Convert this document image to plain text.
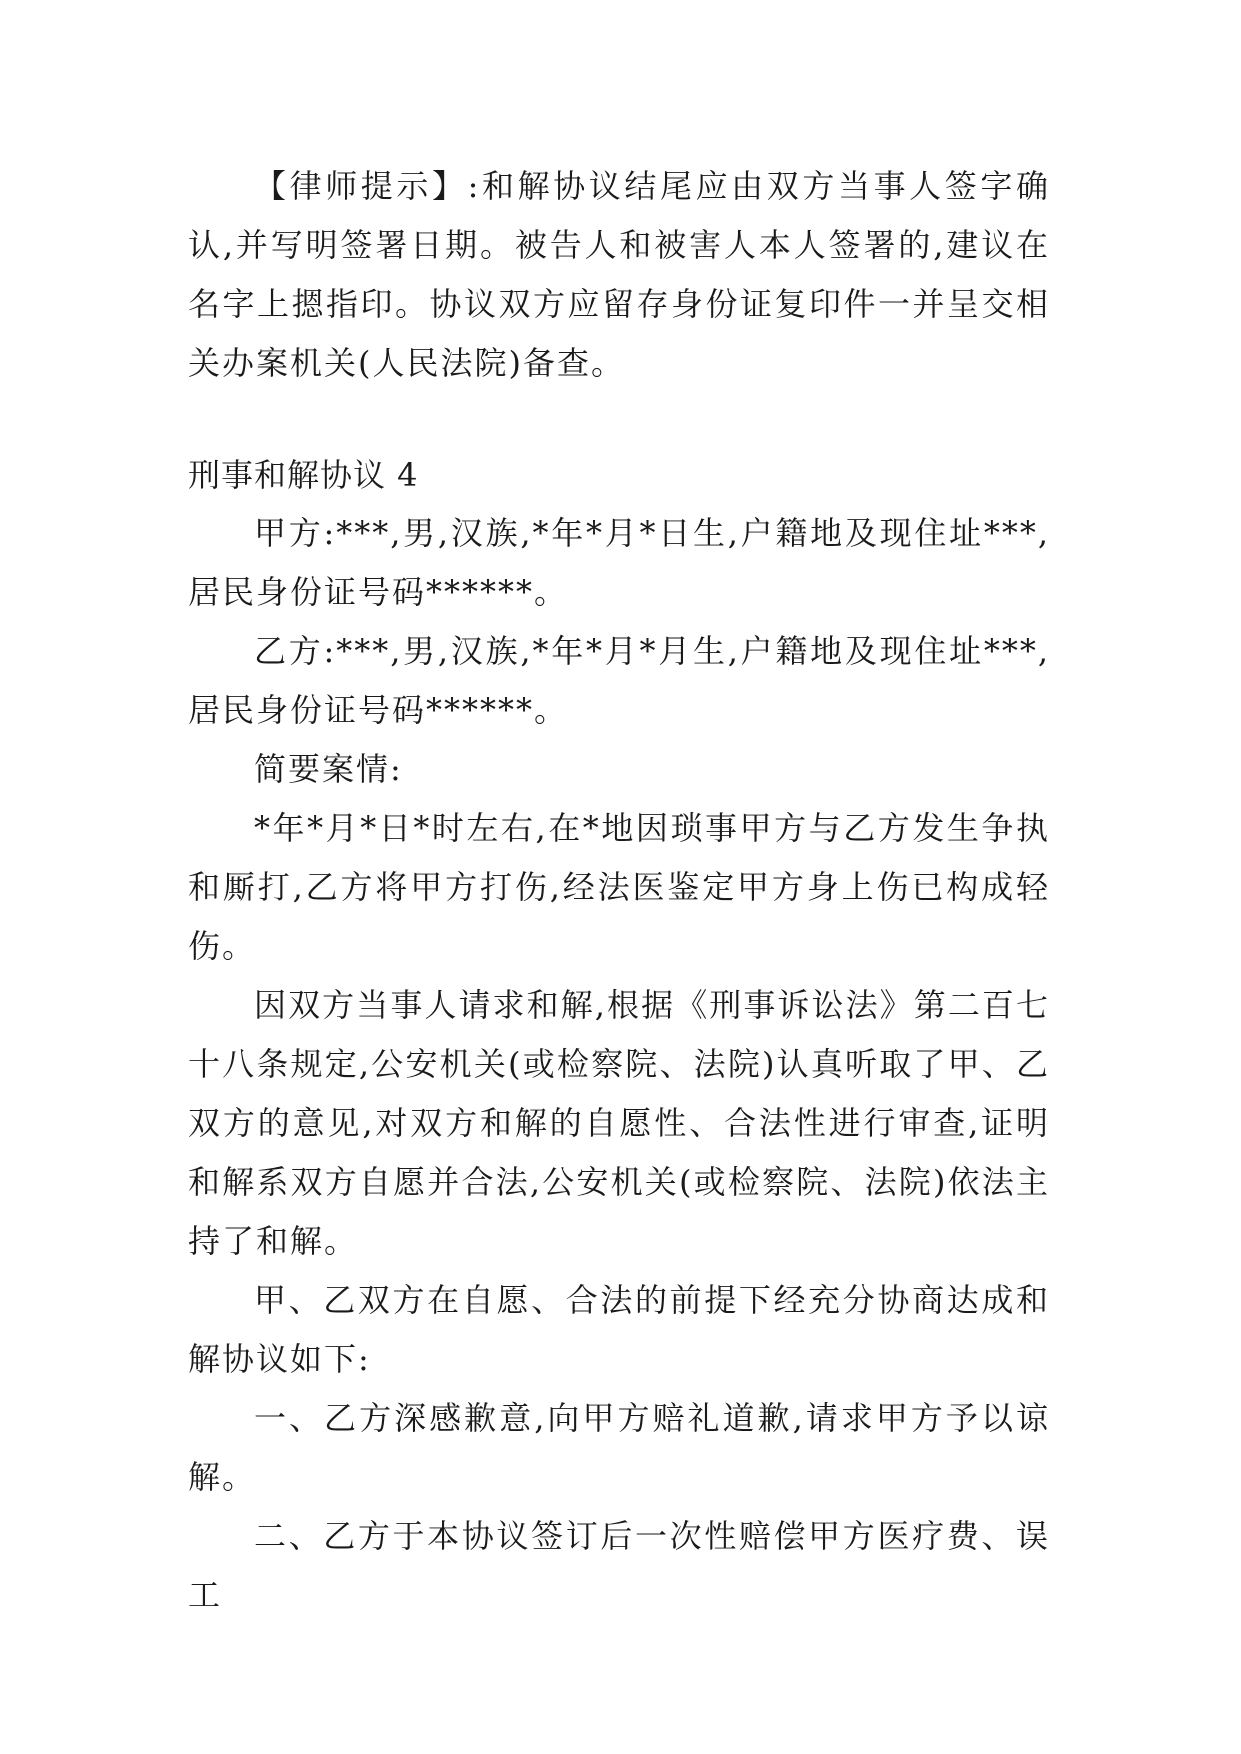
【律师提示】:和解协议结尾应由双方当事人签字确认,并写明签署日期。被告人和被害人本人签署的,建议在名字上摁指印。协议双方应留存身份证复印件一并呈交相关办案机关(人民法院)备查。

刑事和解协议 4

甲方:***,男,汉族,*年*月*日生,户籍地及现住址***,居民身份证号码******。

乙方:***,男,汉族,*年*月*月生,户籍地及现住址***,居民身份证号码******。

简要案情:

*年*月*日*时左右,在*地因琐事甲方与乙方发生争执和厮打,乙方将甲方打伤,经法医鉴定甲方身上伤已构成轻伤。

因双方当事人请求和解,根据《刑事诉讼法》第二百七十八条规定,公安机关(或检察院、法院)认真听取了甲、乙双方的意见,对双方和解的自愿性、合法性进行审查,证明和解系双方自愿并合法,公安机关(或检察院、法院)依法主持了和解。

甲、乙双方在自愿、合法的前提下经充分协商达成和解协议如下:

一、乙方深感歉意,向甲方赔礼道歉,请求甲方予以谅解。

二、乙方于本协议签订后一次性赔偿甲方医疗费、误工
